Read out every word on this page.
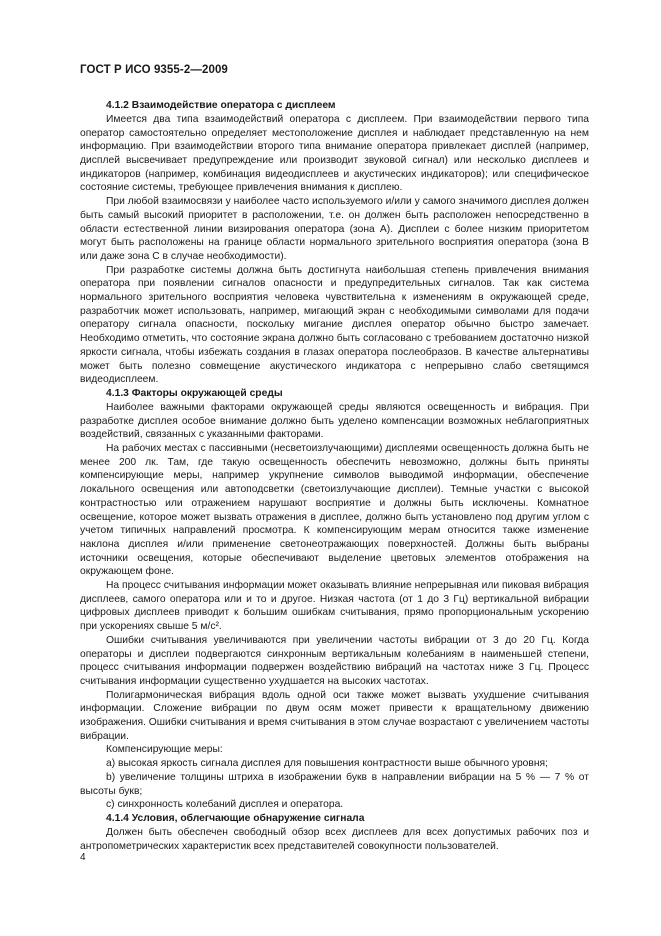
ГОСТ Р ИСО 9355-2—2009
4.1.2 Взаимодействие оператора с дисплеем

Имеется два типа взаимодействий оператора с дисплеем. При взаимодействии первого типа оператор самостоятельно определяет местоположение дисплея и наблюдает представленную на нем информацию. При взаимодействии второго типа внимание оператора привлекает дисплей (например, дисплей высвечивает предупреждение или производит звуковой сигнал) или несколько дисплеев и индикаторов (например, комбинация видеодисплеев и акустических индикаторов); или специфическое состояние системы, требующее привлечения внимания к дисплею.

При любой взаимосвязи у наиболее часто используемого и/или у самого значимого дисплея должен быть самый высокий приоритет в расположении, т.е. он должен быть расположен непосредственно в области естественной линии визирования оператора (зона А). Дисплеи с более низким приоритетом могут быть расположены на границе области нормального зрительного восприятия оператора (зона В или даже зона С в случае необходимости).

При разработке системы должна быть достигнута наибольшая степень привлечения внимания оператора при появлении сигналов опасности и предупредительных сигналов. Так как система нормального зрительного восприятия человека чувствительна к изменениям в окружающей среде, разработчик может использовать, например, мигающий экран с необходимыми символами для подачи оператору сигнала опасности, поскольку мигание дисплея оператор обычно быстро замечает. Необходимо отметить, что состояние экрана должно быть согласовано с требованием достаточно низкой яркости сигнала, чтобы избежать создания в глазах оператора послеобразов. В качестве альтернативы может быть полезно совмещение акустического индикатора с непрерывно слабо светящимся видеодисплеем.

4.1.3 Факторы окружающей среды

Наиболее важными факторами окружающей среды являются освещенность и вибрация. При разработке дисплея особое внимание должно быть уделено компенсации возможных неблагоприятных воздействий, связанных с указанными факторами.

На рабочих местах с пассивными (несветоизлучающими) дисплеями освещенность должна быть не менее 200 лк. Там, где такую освещенность обеспечить невозможно, должны быть приняты компенсирующие меры, например укрупнение символов выводимой информации, обеспечение локального освещения или автоподсветки (светоизлучающие дисплеи). Темные участки с высокой контрастностью или отражением нарушают восприятие и должны быть исключены. Комнатное освещение, которое может вызвать отражения в дисплее, должно быть установлено под другим углом с учетом типичных направлений просмотра. К компенсирующим мерам относится также изменение наклона дисплея и/или применение светонеотражающих поверхностей. Должны быть выбраны источники освещения, которые обеспечивают выделение цветовых элементов отображения на окружающем фоне.

На процесс считывания информации может оказывать влияние непрерывная или пиковая вибрация дисплеев, самого оператора или и то и другое. Низкая частота (от 1 до 3 Гц) вертикальной вибрации цифровых дисплеев приводит к большим ошибкам считывания, прямо пропорциональным ускорению при ускорениях свыше 5 м/с².

Ошибки считывания увеличиваются при увеличении частоты вибрации от 3 до 20 Гц. Когда операторы и дисплеи подвергаются синхронным вертикальным колебаниям в наименьшей степени, процесс считывания информации подвержен воздействию вибраций на частотах ниже 3 Гц. Процесс считывания информации существенно ухудшается на высоких частотах.

Полигармоническая вибрация вдоль одной оси также может вызвать ухудшение считывания информации. Сложение вибрации по двум осям может привести к вращательному движению изображения. Ошибки считывания и время считывания в этом случае возрастают с увеличением частоты вибрации.

Компенсирующие меры:

a) высокая яркость сигнала дисплея для повышения контрастности выше обычного уровня;

b) увеличение толщины штриха в изображении букв в направлении вибрации на 5 % — 7 % от высоты букв;

c) синхронность колебаний дисплея и оператора.

4.1.4 Условия, облегчающие обнаружение сигнала

Должен быть обеспечен свободный обзор всех дисплеев для всех допустимых рабочих поз и антропометрических характеристик всех представителей совокупности пользователей.

4
